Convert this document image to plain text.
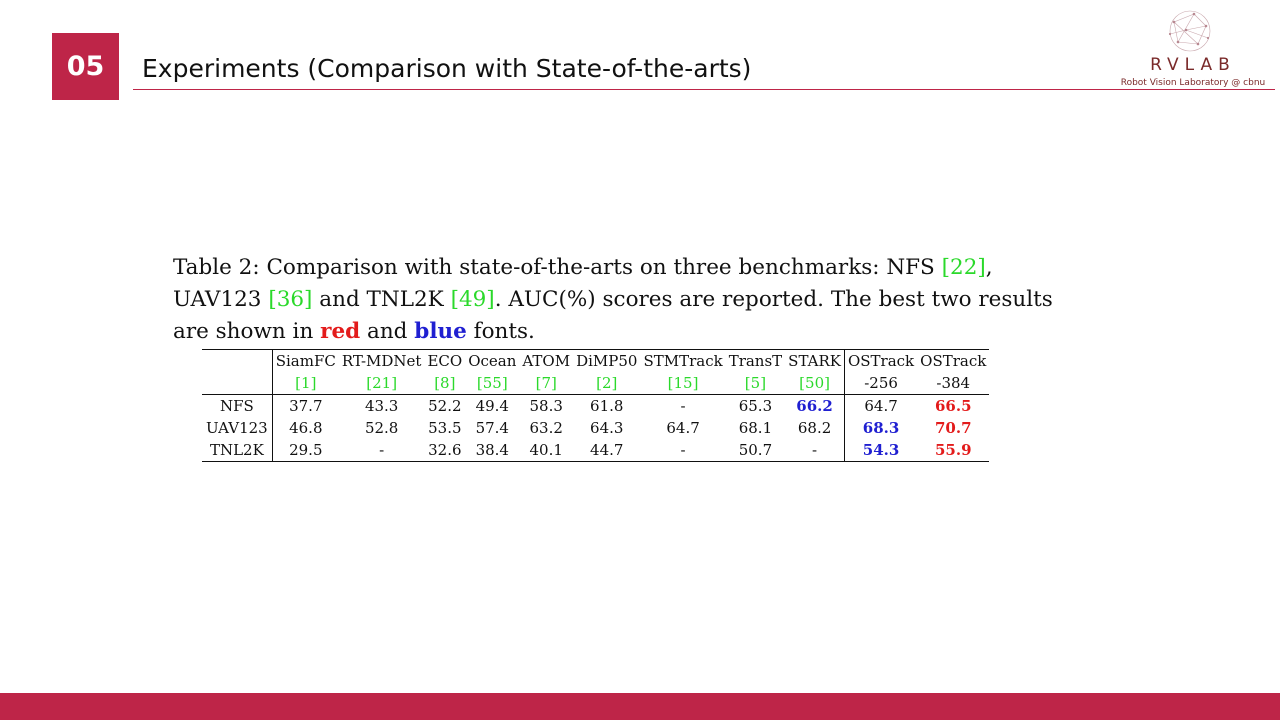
05	Experiments (Comparison with State-of-the-arts)	RVLAB
Robot Vision Laboratory @ cbnu
Table 2: Comparison with state-of-the-arts on three benchmarks: NFS [22],
UAV123 [36] and TNL2K [49]. AUC(%) scores are reported. The best two results
are shown in red and blue fonts.
	SiamFC	RT-MDNet	ECO	Ocean	ATOM	DiMP50	STMTrack	TransT	STARK	OSTrack	OSTrack
	[1]	[21]	[8]	[55]	[7]	[2]	[15]	[5]	[50]	-256	-384
NFS	37.7	43.3	52.2	49.4	58.3	61.8	-	65.3	66.2	64.7	66.5
UAV123	46.8	52.8	53.5	57.4	63.2	64.3	64.7	68.1	68.2	68.3	70.7
TNL2K	29.5	-	32.6	38.4	40.1	44.7	-	50.7	-	54.3	55.9
